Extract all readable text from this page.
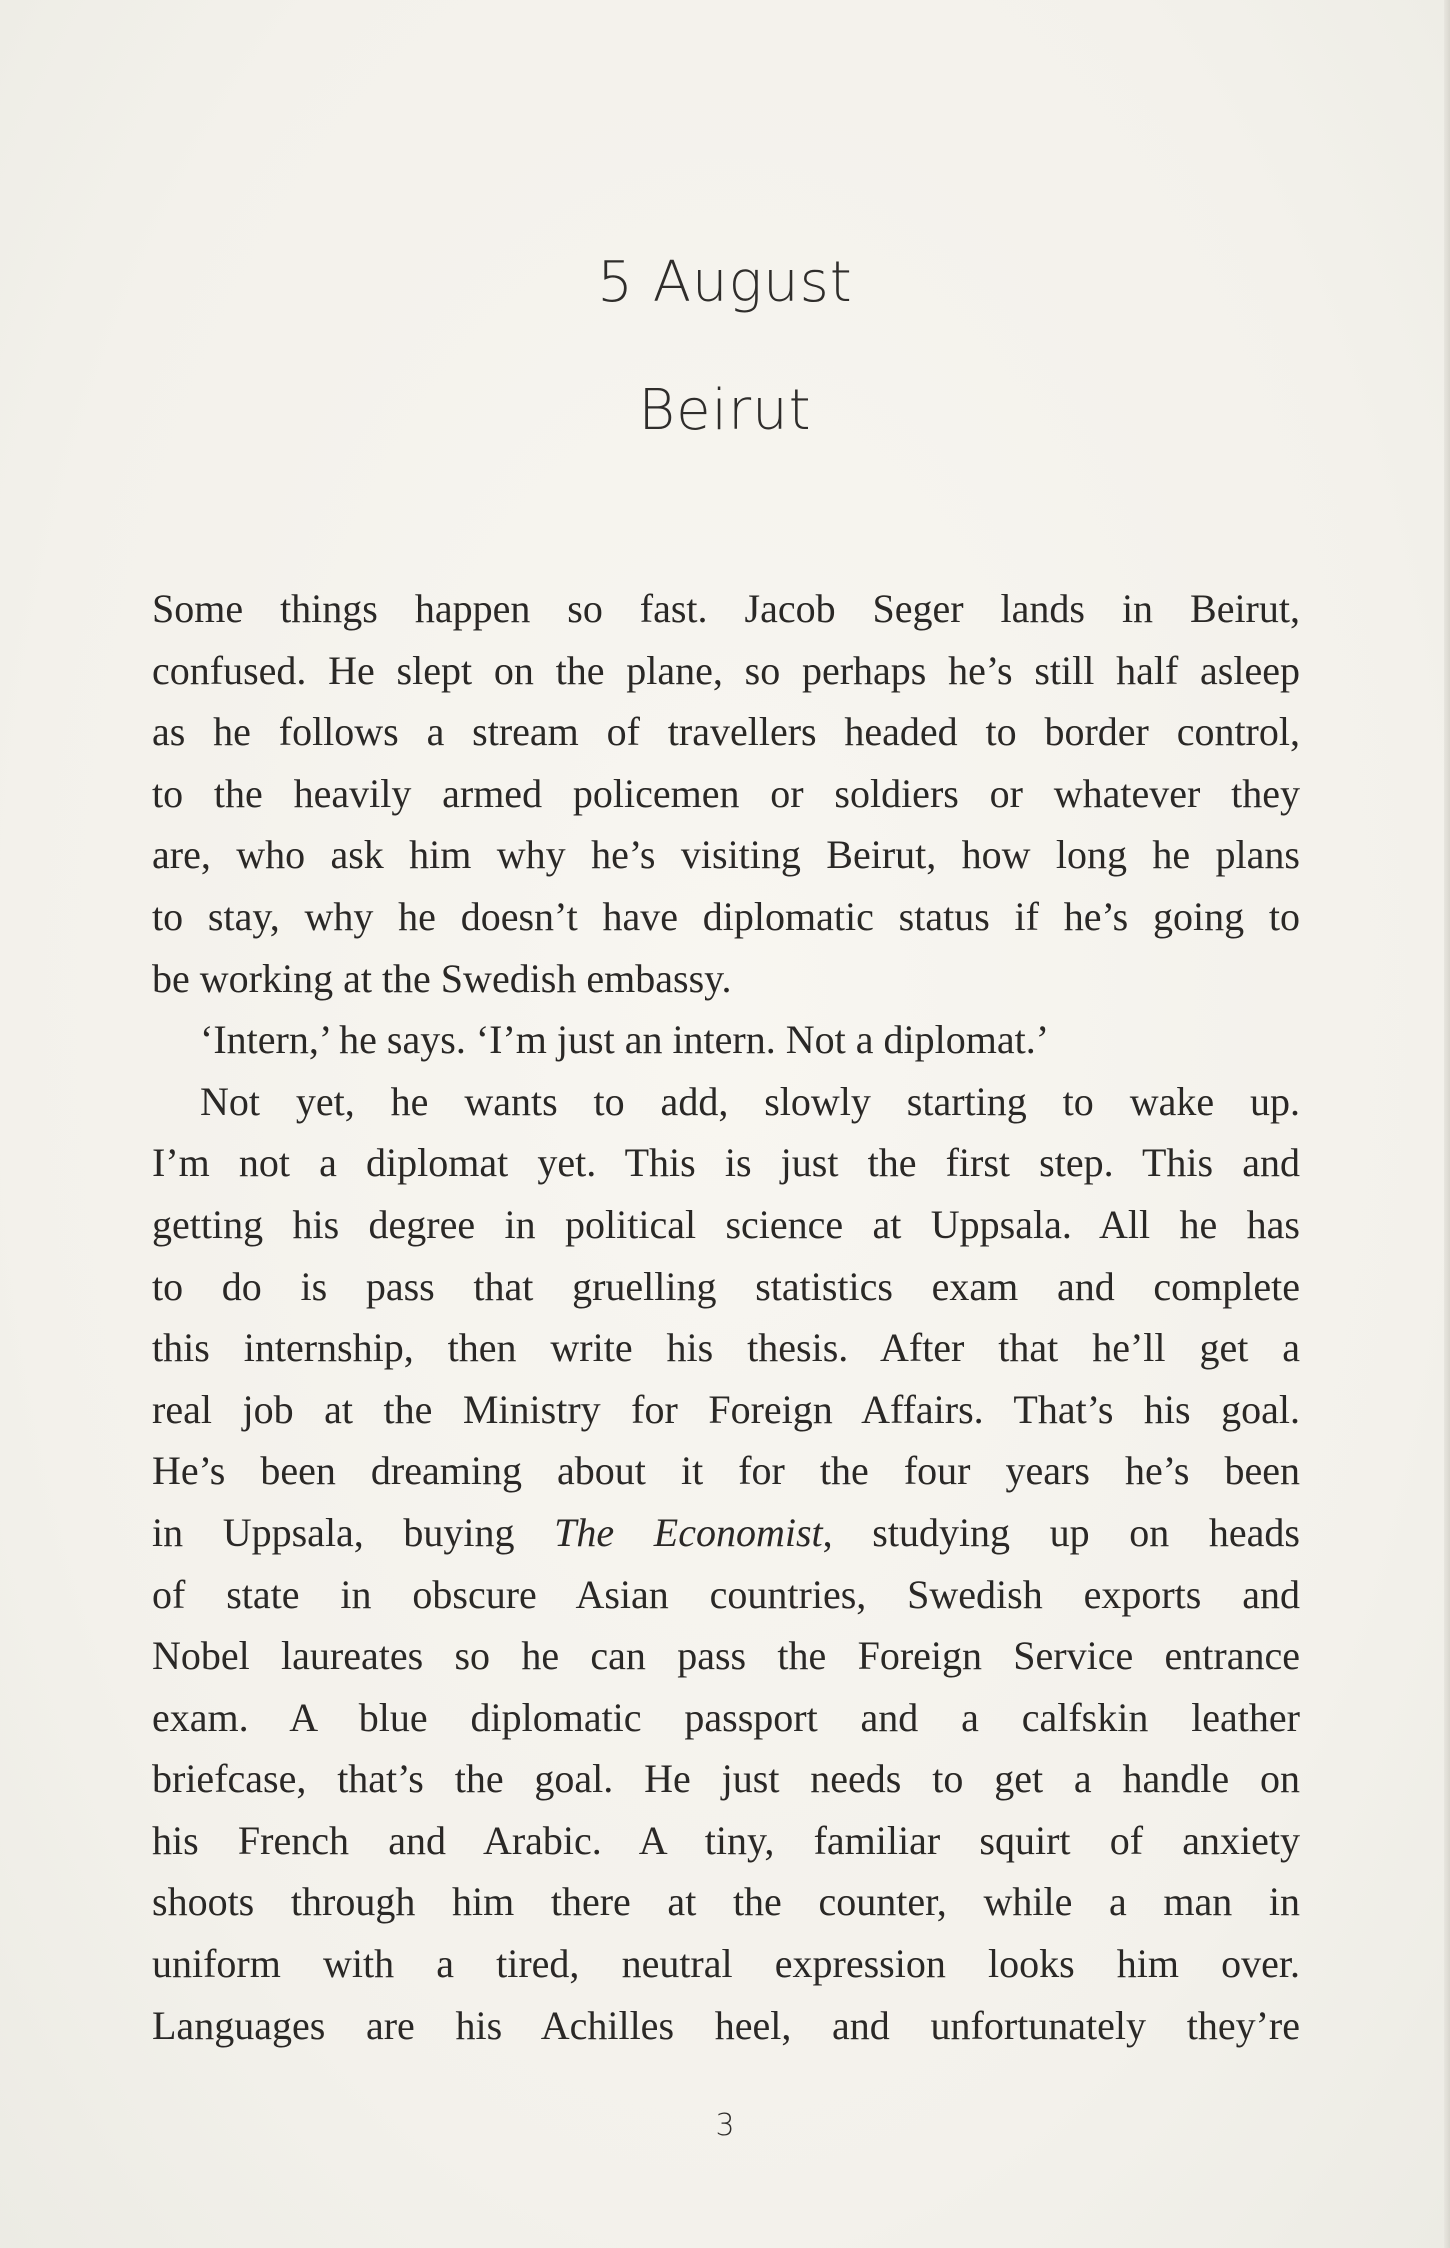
5 August
Beirut
Some things happen so fast. Jacob Seger lands in Beirut,
confused. He slept on the plane, so perhaps he’s still half asleep
as he follows a stream of travellers headed to border control,
to the heavily armed policemen or soldiers or whatever they
are, who ask him why he’s visiting Beirut, how long he plans
to stay, why he doesn’t have diplomatic status if he’s going to
be working at the Swedish embassy.
‘Intern,’ he says. ‘I’m just an intern. Not a diplomat.’
Not yet, he wants to add, slowly starting to wake up.
I’m not a diplomat yet. This is just the first step. This and
getting his degree in political science at Uppsala. All he has
to do is pass that gruelling statistics exam and complete
this internship, then write his thesis. After that he’ll get a
real job at the Ministry for Foreign Affairs. That’s his goal.
He’s been dreaming about it for the four years he’s been
in Uppsala, buying The Economist, studying up on heads
of state in obscure Asian countries, Swedish exports and
Nobel laureates so he can pass the Foreign Service entrance
exam. A blue diplomatic passport and a calfskin leather
briefcase, that’s the goal. He just needs to get a handle on
his French and Arabic. A tiny, familiar squirt of anxiety
shoots through him there at the counter, while a man in
uniform with a tired, neutral expression looks him over.
Languages are his Achilles heel, and unfortunately they’re
3
